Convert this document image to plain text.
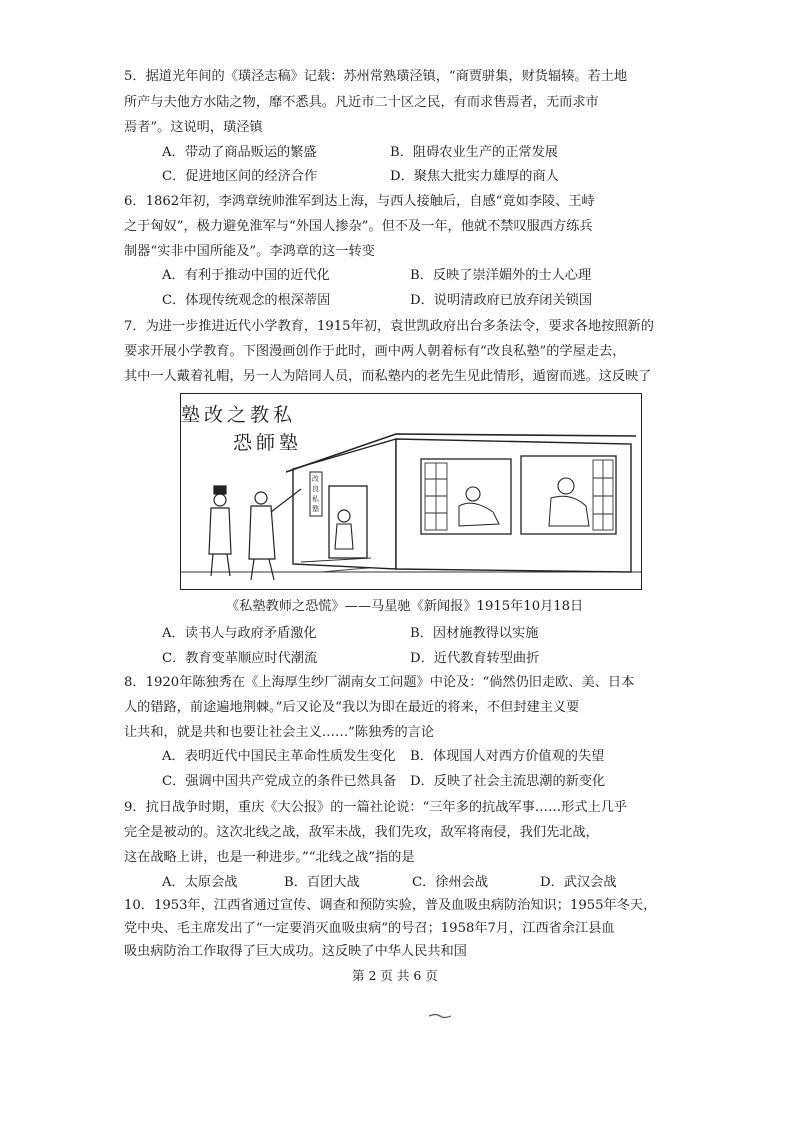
5．据道光年间的《璜泾志稿》记载：苏州常熟璜泾镇，“商贾骈集，财货辐辏。若土地
所产与夫他方水陆之物，靡不悉具。凡近市二十区之民，有而求售焉者，无而求市
焉者”。这说明，璜泾镇
A．带动了商品贩运的繁盛	B．阻碍农业生产的正常发展
C．促进地区间的经济合作	D．聚焦大批实力雄厚的商人
6．1862年初，李鸿章统帅淮军到达上海，与西人接触后，自感“竟如李陵、王峙
之于匈奴”，极力避免淮军与“外国人掺杂”。但不及一年，他就不禁叹服西方练兵
制器“实非中国所能及”。李鸿章的这一转变
A．有利于推动中国的近代化	B．反映了崇洋媚外的士人心理
C．体现传统观念的根深蒂固	D．说明清政府已放弃闭关锁国
7．为进一步推进近代小学教育，1915年初，袁世凯政府出台多条法令，要求各地按照新的
要求开展小学教育。下图漫画创作于此时，画中两人朝着标有“改良私塾”的学屋走去，
其中一人戴着礼帽，另一人为陪同人员，而私塾内的老先生见此情形，遁窗而逃。这反映了
塾改之教私
恐師塾
改良私塾
《私塾教师之恐慌》——马星驰《新闻报》1915年10月18日
A．读书人与政府矛盾激化	B．因材施教得以实施
C．教育变革顺应时代潮流	D．近代教育转型曲折
8．1920年陈独秀在《上海厚生纱厂湖南女工问题》中论及：“倘然仍旧走欧、美、日本
人的错路，前途遍地荆棘。”后又论及“我以为即在最近的将来，不但封建主义要
让共和，就是共和也要让社会主义……”陈独秀的言论
A．表明近代中国民主革命性质发生变化 B．体现国人对西方价值观的失望
C．强调中国共产党成立的条件已然具备 D．反映了社会主流思潮的新变化
9．抗日战争时期，重庆《大公报》的一篇社论说：“三年多的抗战军事……形式上几乎
完全是被动的。这次北线之战，敌军未战，我们先攻，敌军将南侵，我们先北战，
这在战略上讲，也是一种进步。”“北线之战”指的是
A．太原会战	B．百团大战	C．徐州会战	D．武汉会战
10．1953年，江西省通过宣传、调查和预防实验，普及血吸虫病防治知识；1955年冬天，
党中央、毛主席发出了“一定要消灭血吸虫病”的号召；1958年7月，江西省余江县血
吸虫病防治工作取得了巨大成功。这反映了中华人民共和国
第 2 页 共 6 页
